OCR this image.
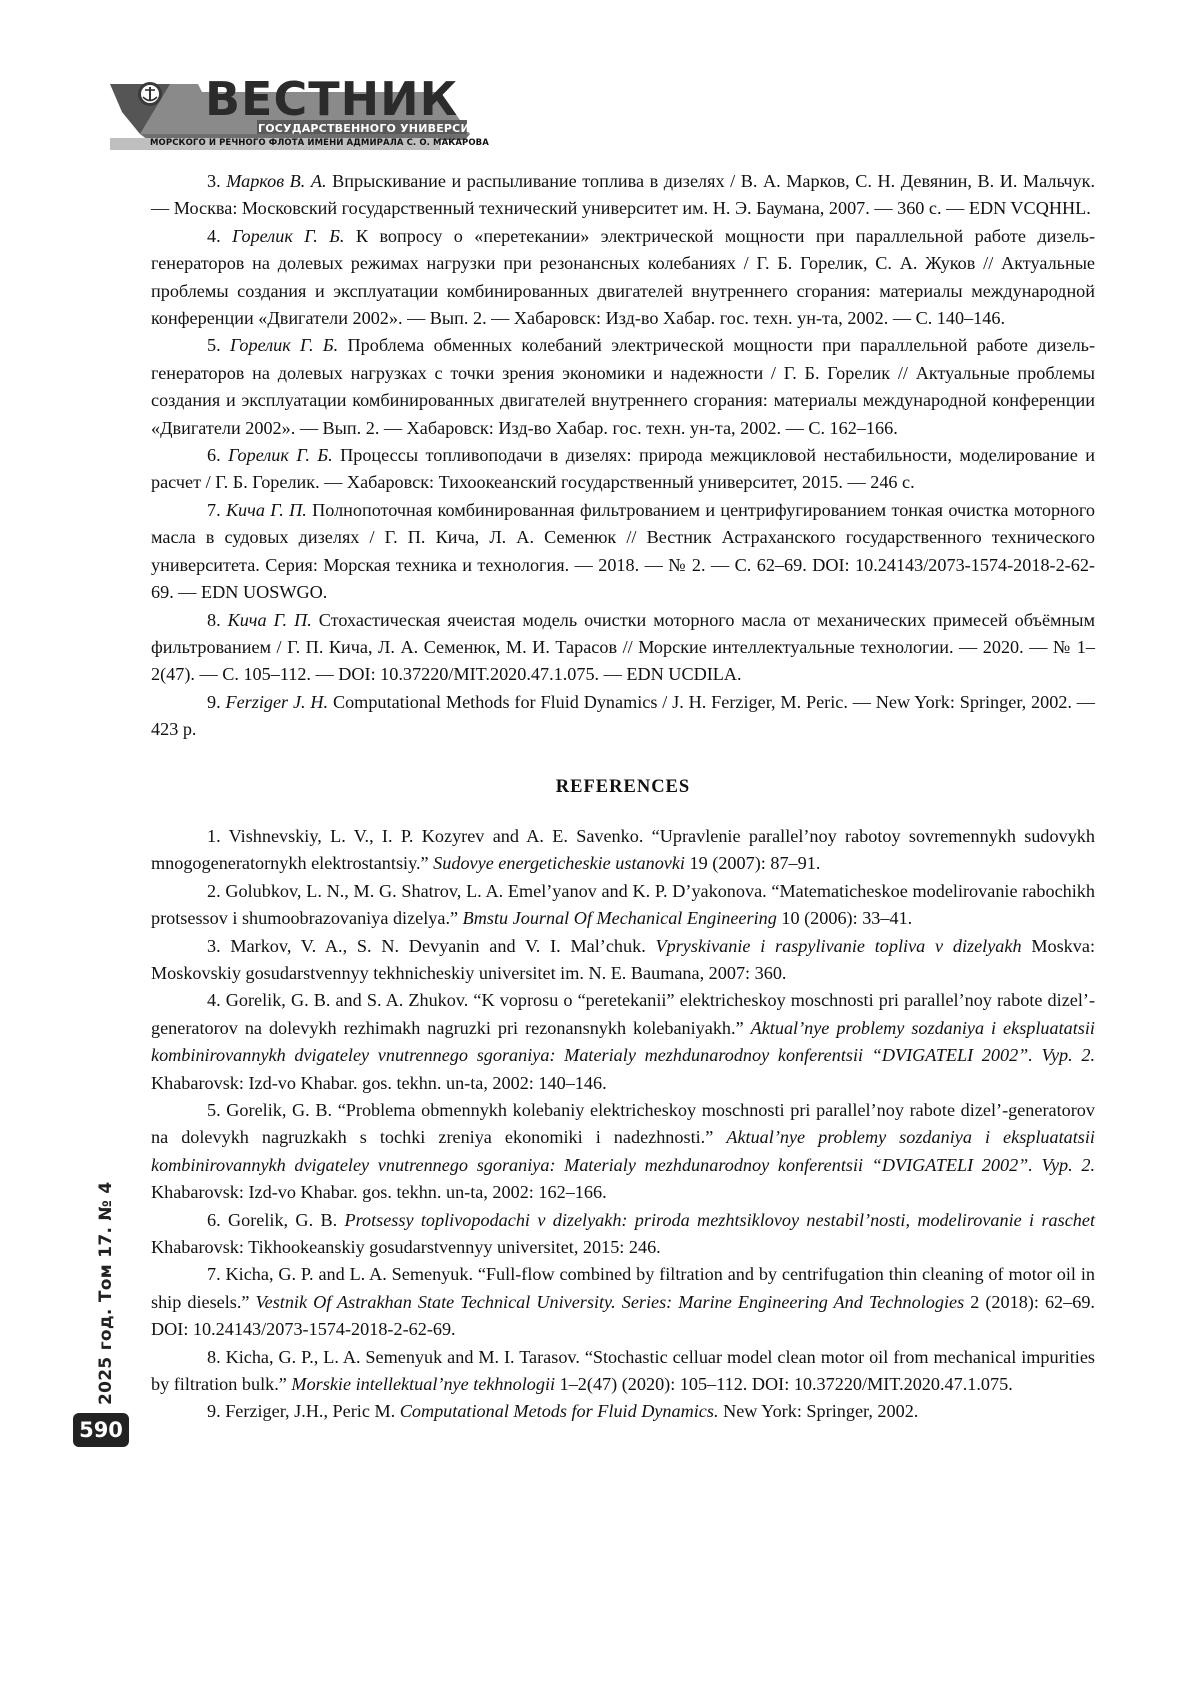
ВЕСТНИК
ГОСУДАРСТВЕННОГО УНИВЕРСИТЕТА
МОРСКОГО И РЕЧНОГО ФЛОТА ИМЕНИ АДМИРАЛА С. О. МАКАРОВА

3. Марков В. А. Впрыскивание и распыливание топлива в дизелях / В. А. Марков, С. Н. Девянин, В. И. Мальчук. — Москва: Московский государственный технический университет им. Н. Э. Баумана, 2007. — 360 с. — EDN VCQHHL.

4. Горелик Г. Б. К вопросу о «перетекании» электрической мощности при параллельной работе дизель-генераторов на долевых режимах нагрузки при резонансных колебаниях / Г. Б. Горелик, С. А. Жуков // Актуальные проблемы создания и эксплуатации комбинированных двигателей внутреннего сгорания: материалы международной конференции «Двигатели 2002». — Вып. 2. — Хабаровск: Изд-во Хабар. гос. техн. ун-та, 2002. — С. 140–146.

5. Горелик Г. Б. Проблема обменных колебаний электрической мощности при параллельной работе дизель-генераторов на долевых нагрузках с точки зрения экономики и надежности / Г. Б. Горелик // Актуальные проблемы создания и эксплуатации комбинированных двигателей внутреннего сгорания: материалы международной конференции «Двигатели 2002». — Вып. 2. — Хабаровск: Изд-во Хабар. гос. техн. ун-та, 2002. — С. 162–166.

6. Горелик Г. Б. Процессы топливоподачи в дизелях: природа межцикловой нестабильности, моделирование и расчет / Г. Б. Горелик. — Хабаровск: Тихоокеанский государственный университет, 2015. — 246 с.

7. Кича Г. П. Полнопоточная комбинированная фильтрованием и центрифугированием тонкая очистка моторного масла в судовых дизелях / Г. П. Кича, Л. А. Семенюк // Вестник Астраханского государственного технического университета. Серия: Морская техника и технология. — 2018. — № 2. — С. 62–69. DOI: 10.24143/2073-1574-2018-2-62-69. — EDN UOSWGO.

8. Кича Г. П. Стохастическая ячеистая модель очистки моторного масла от механических примесей объёмным фильтрованием / Г. П. Кича, Л. А. Семенюк, М. И. Тарасов // Морские интеллектуальные технологии. — 2020. — № 1–2(47). — С. 105–112. — DOI: 10.37220/MIT.2020.47.1.075. — EDN UCDILA.

9. Ferziger J. H. Computational Methods for Fluid Dynamics / J. H. Ferziger, M. Peric. — New York: Springer, 2002. — 423 p.

REFERENCES

1. Vishnevskiy, L. V., I. P. Kozyrev and A. E. Savenko. “Upravlenie parallel’noy rabotoy sovremennykh sudovykh mnogogeneratornykh elektrostantsiy.” Sudovye energeticheskie ustanovki 19 (2007): 87–91.

2. Golubkov, L. N., M. G. Shatrov, L. A. Emel’yanov and K. P. D’yakonova. “Matematicheskoe modelirovanie rabochikh protsessov i shumoobrazovaniya dizelya.” Bmstu Journal Of Mechanical Engineering 10 (2006): 33–41.

3. Markov, V. A., S. N. Devyanin and V. I. Mal’chuk. Vpryskivanie i raspylivanie topliva v dizelyakh Moskva: Moskovskiy gosudarstvennyy tekhnicheskiy universitet im. N. E. Baumana, 2007: 360.

4. Gorelik, G. B. and S. A. Zhukov. “K voprosu o “peretekanii” elektricheskoy moschnosti pri parallel’noy rabote dizel’-generatorov na dolevykh rezhimakh nagruzki pri rezonansnykh kolebaniyakh.” Aktual’nye problemy sozdaniya i ekspluatatsii kombinirovannykh dvigateley vnutrennego sgoraniya: Materialy mezhdunarodnoy konferentsii “DVIGATELI 2002”. Vyp. 2. Khabarovsk: Izd-vo Khabar. gos. tekhn. un-ta, 2002: 140–146.

5. Gorelik, G. B. “Problema obmennykh kolebaniy elektricheskoy moschnosti pri parallel’noy rabote dizel’-generatorov na dolevykh nagruzkakh s tochki zreniya ekonomiki i nadezhnosti.” Aktual’nye problemy sozdaniya i ekspluatatsii kombinirovannykh dvigateley vnutrennego sgoraniya: Materialy mezhdunarodnoy konferentsii “DVIGATELI 2002”. Vyp. 2. Khabarovsk: Izd-vo Khabar. gos. tekhn. un-ta, 2002: 162–166.

6. Gorelik, G. B. Protsessy toplivopodachi v dizelyakh: priroda mezhtsiklovoy nestabil’nosti, modelirovanie i raschet Khabarovsk: Tikhookeanskiy gosudarstvennyy universitet, 2015: 246.

7. Kicha, G. P. and L. A. Semenyuk. “Full-flow combined by filtration and by centrifugation thin cleaning of motor oil in ship diesels.” Vestnik Of Astrakhan State Technical University. Series: Marine Engineering And Technologies 2 (2018): 62–69. DOI: 10.24143/2073-1574-2018-2-62-69.

8. Kicha, G. P., L. A. Semenyuk and M. I. Tarasov. “Stochastic celluar model clean motor oil from mechanical impurities by filtration bulk.” Morskie intellektual’nye tekhnologii 1–2(47) (2020): 105–112. DOI: 10.37220/MIT.2020.47.1.075.

9. Ferziger, J.H., Peric M. Computational Metods for Fluid Dynamics. New York: Springer, 2002.

2025 год. Том 17. № 4
590
